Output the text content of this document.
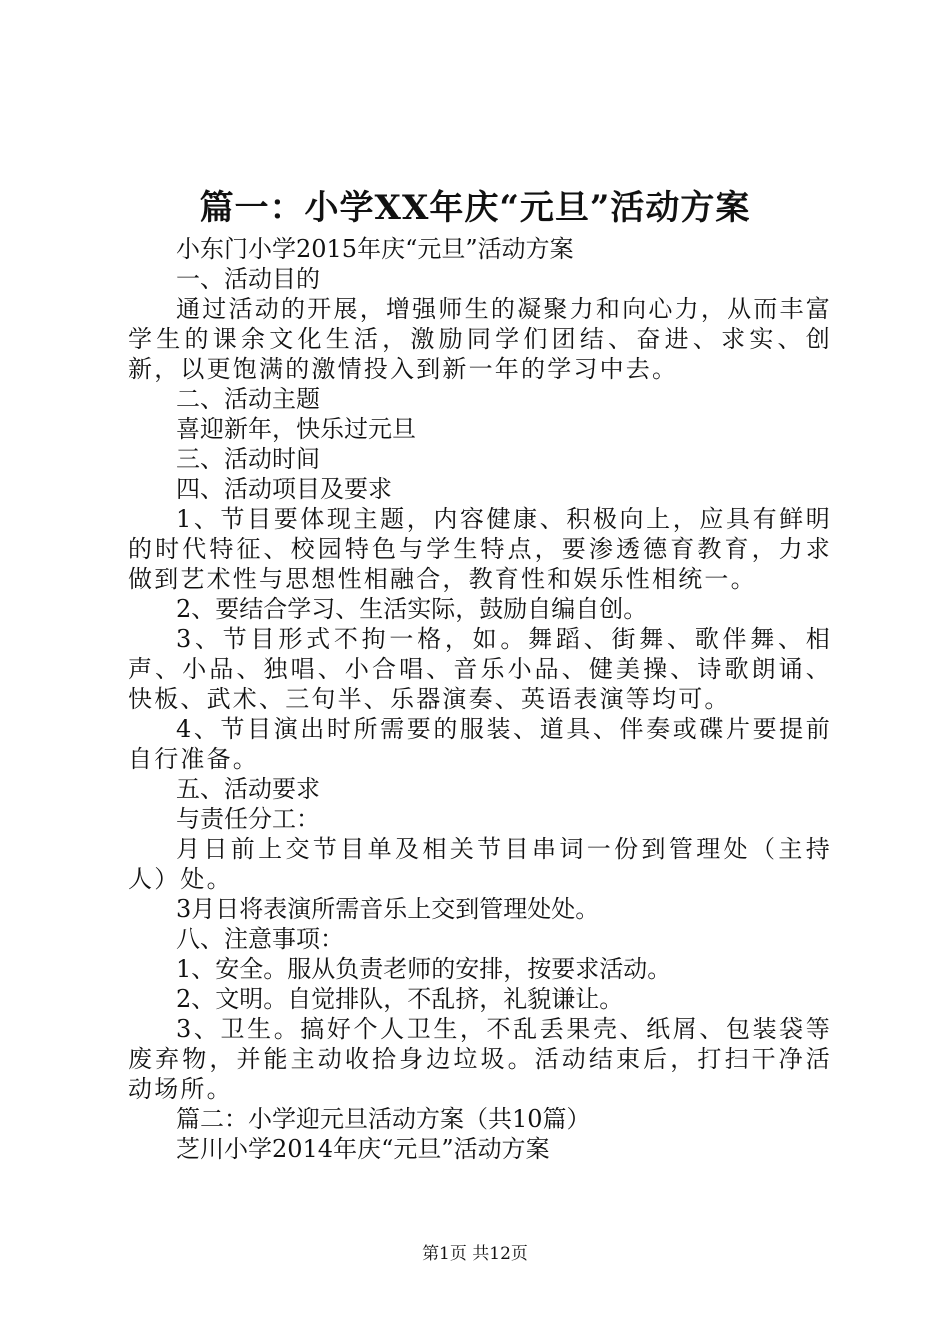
篇一：小学XX年庆“元旦”活动方案

小东门小学2015年庆“元旦”活动方案

一、活动目的

通过活动的开展，增强师生的凝聚力和向心力，从而丰富学生的课余文化生活，激励同学们团结、奋进、求实、创新，以更饱满的激情投入到新一年的学习中去。

二、活动主题

喜迎新年，快乐过元旦

三、活动时间

四、活动项目及要求

1、节目要体现主题，内容健康、积极向上，应具有鲜明的时代特征、校园特色与学生特点，要渗透德育教育，力求做到艺术性与思想性相融合，教育性和娱乐性相统一。

2、要结合学习、生活实际，鼓励自编自创。

3、节目形式不拘一格，如。舞蹈、街舞、歌伴舞、相声、小品、独唱、小合唱、音乐小品、健美操、诗歌朗诵、快板、武术、三句半、乐器演奏、英语表演等均可。

4、节目演出时所需要的服装、道具、伴奏或碟片要提前自行准备。

五、活动要求

与责任分工：

月日前上交节目单及相关节目串词一份到管理处（主持人）处。

3月日将表演所需音乐上交到管理处处。

八、注意事项：

1、安全。服从负责老师的安排，按要求活动。

2、文明。自觉排队，不乱挤，礼貌谦让。

3、卫生。搞好个人卫生，不乱丢果壳、纸屑、包装袋等废弃物，并能主动收拾身边垃圾。活动结束后，打扫干净活动场所。

篇二：小学迎元旦活动方案（共10篇）

芝川小学2014年庆“元旦”活动方案

第1页 共12页
